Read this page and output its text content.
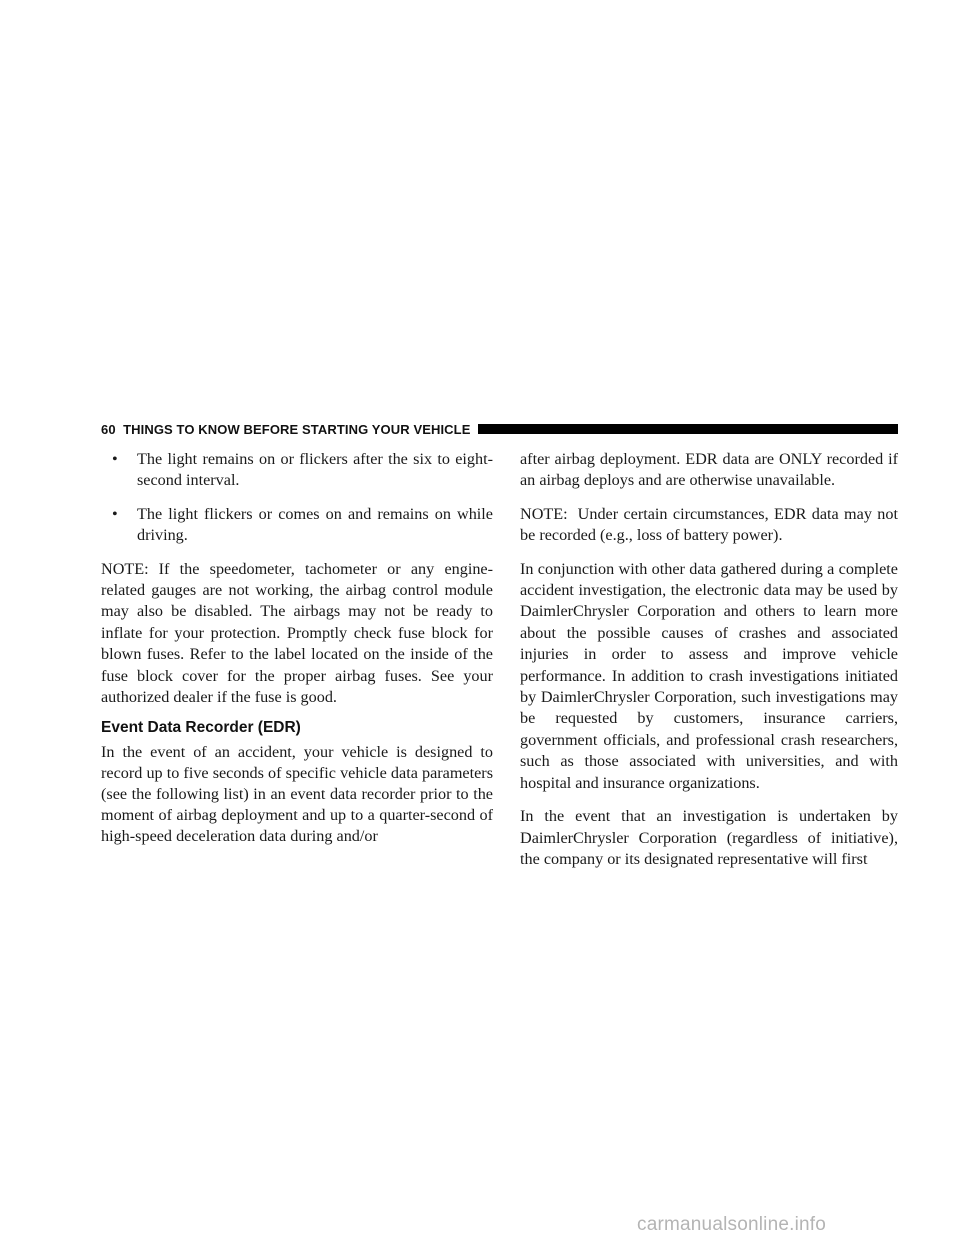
60 THINGS TO KNOW BEFORE STARTING YOUR VEHICLE
• The light remains on or flickers after the six to eight-second interval.
• The light flickers or comes on and remains on while driving.

NOTE: If the speedometer, tachometer or any engine-related gauges are not working, the airbag control module may also be disabled. The airbags may not be ready to inflate for your protection. Promptly check fuse block for blown fuses. Refer to the label located on the inside of the fuse block cover for the proper airbag fuses. See your authorized dealer if the fuse is good.

Event Data Recorder (EDR)

In the event of an accident, your vehicle is designed to record up to five seconds of specific vehicle data parameters (see the following list) in an event data recorder prior to the moment of airbag deployment and up to a quarter-second of high-speed deceleration data during and/or

after airbag deployment. EDR data are ONLY recorded if an airbag deploys and are otherwise unavailable.

NOTE: Under certain circumstances, EDR data may not be recorded (e.g., loss of battery power).

In conjunction with other data gathered during a complete accident investigation, the electronic data may be used by DaimlerChrysler Corporation and others to learn more about the possible causes of crashes and associated injuries in order to assess and improve vehicle performance. In addition to crash investigations initiated by DaimlerChrysler Corporation, such investigations may be requested by customers, insurance carriers, government officials, and professional crash researchers, such as those associated with universities, and with hospital and insurance organizations.

In the event that an investigation is undertaken by DaimlerChrysler Corporation (regardless of initiative), the company or its designated representative will first

carmanualsonline.info
